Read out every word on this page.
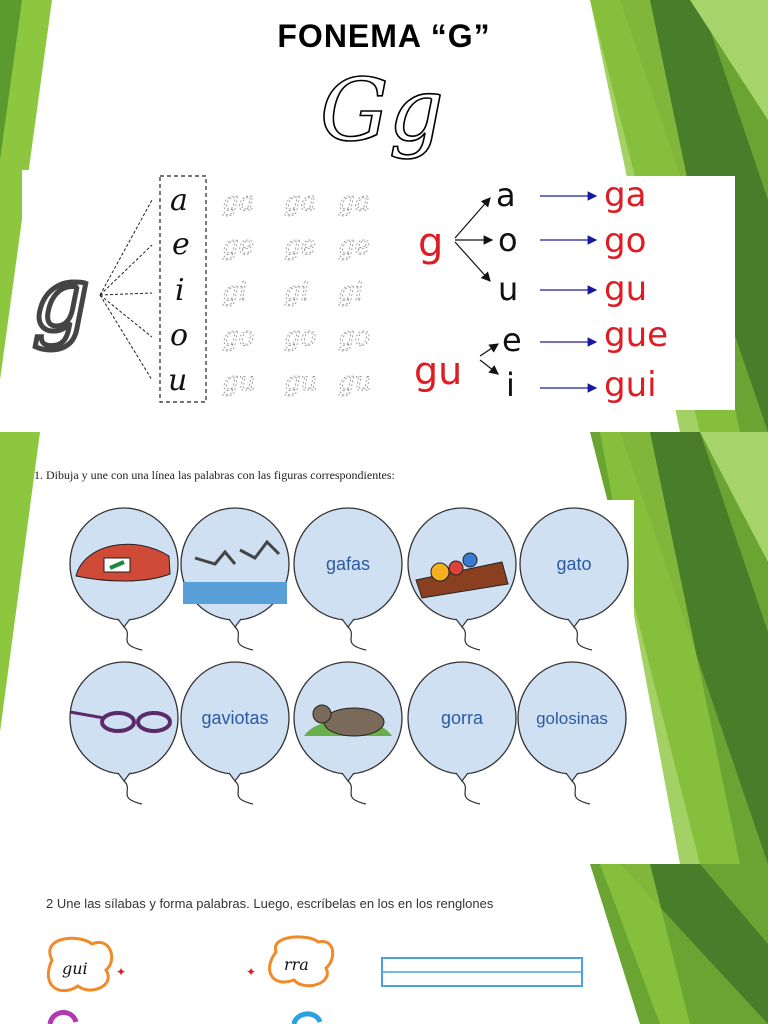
FONEMA “G”
Gg
g
a
e
i
o
u
ga ga ga
ge ge ge
gi gi gi
go go go
gu gu gu
g
gu
a
o
u
e
i
ga
go
gu
gue
gui
1. Dibuja y une con una línea las palabras con las figuras correspondientes:
gafas	gato
gaviotas	gorra	golosinas
2 Une las sílabas y forma palabras. Luego, escríbelas en los en los renglones
gui ✦	✦ rra
